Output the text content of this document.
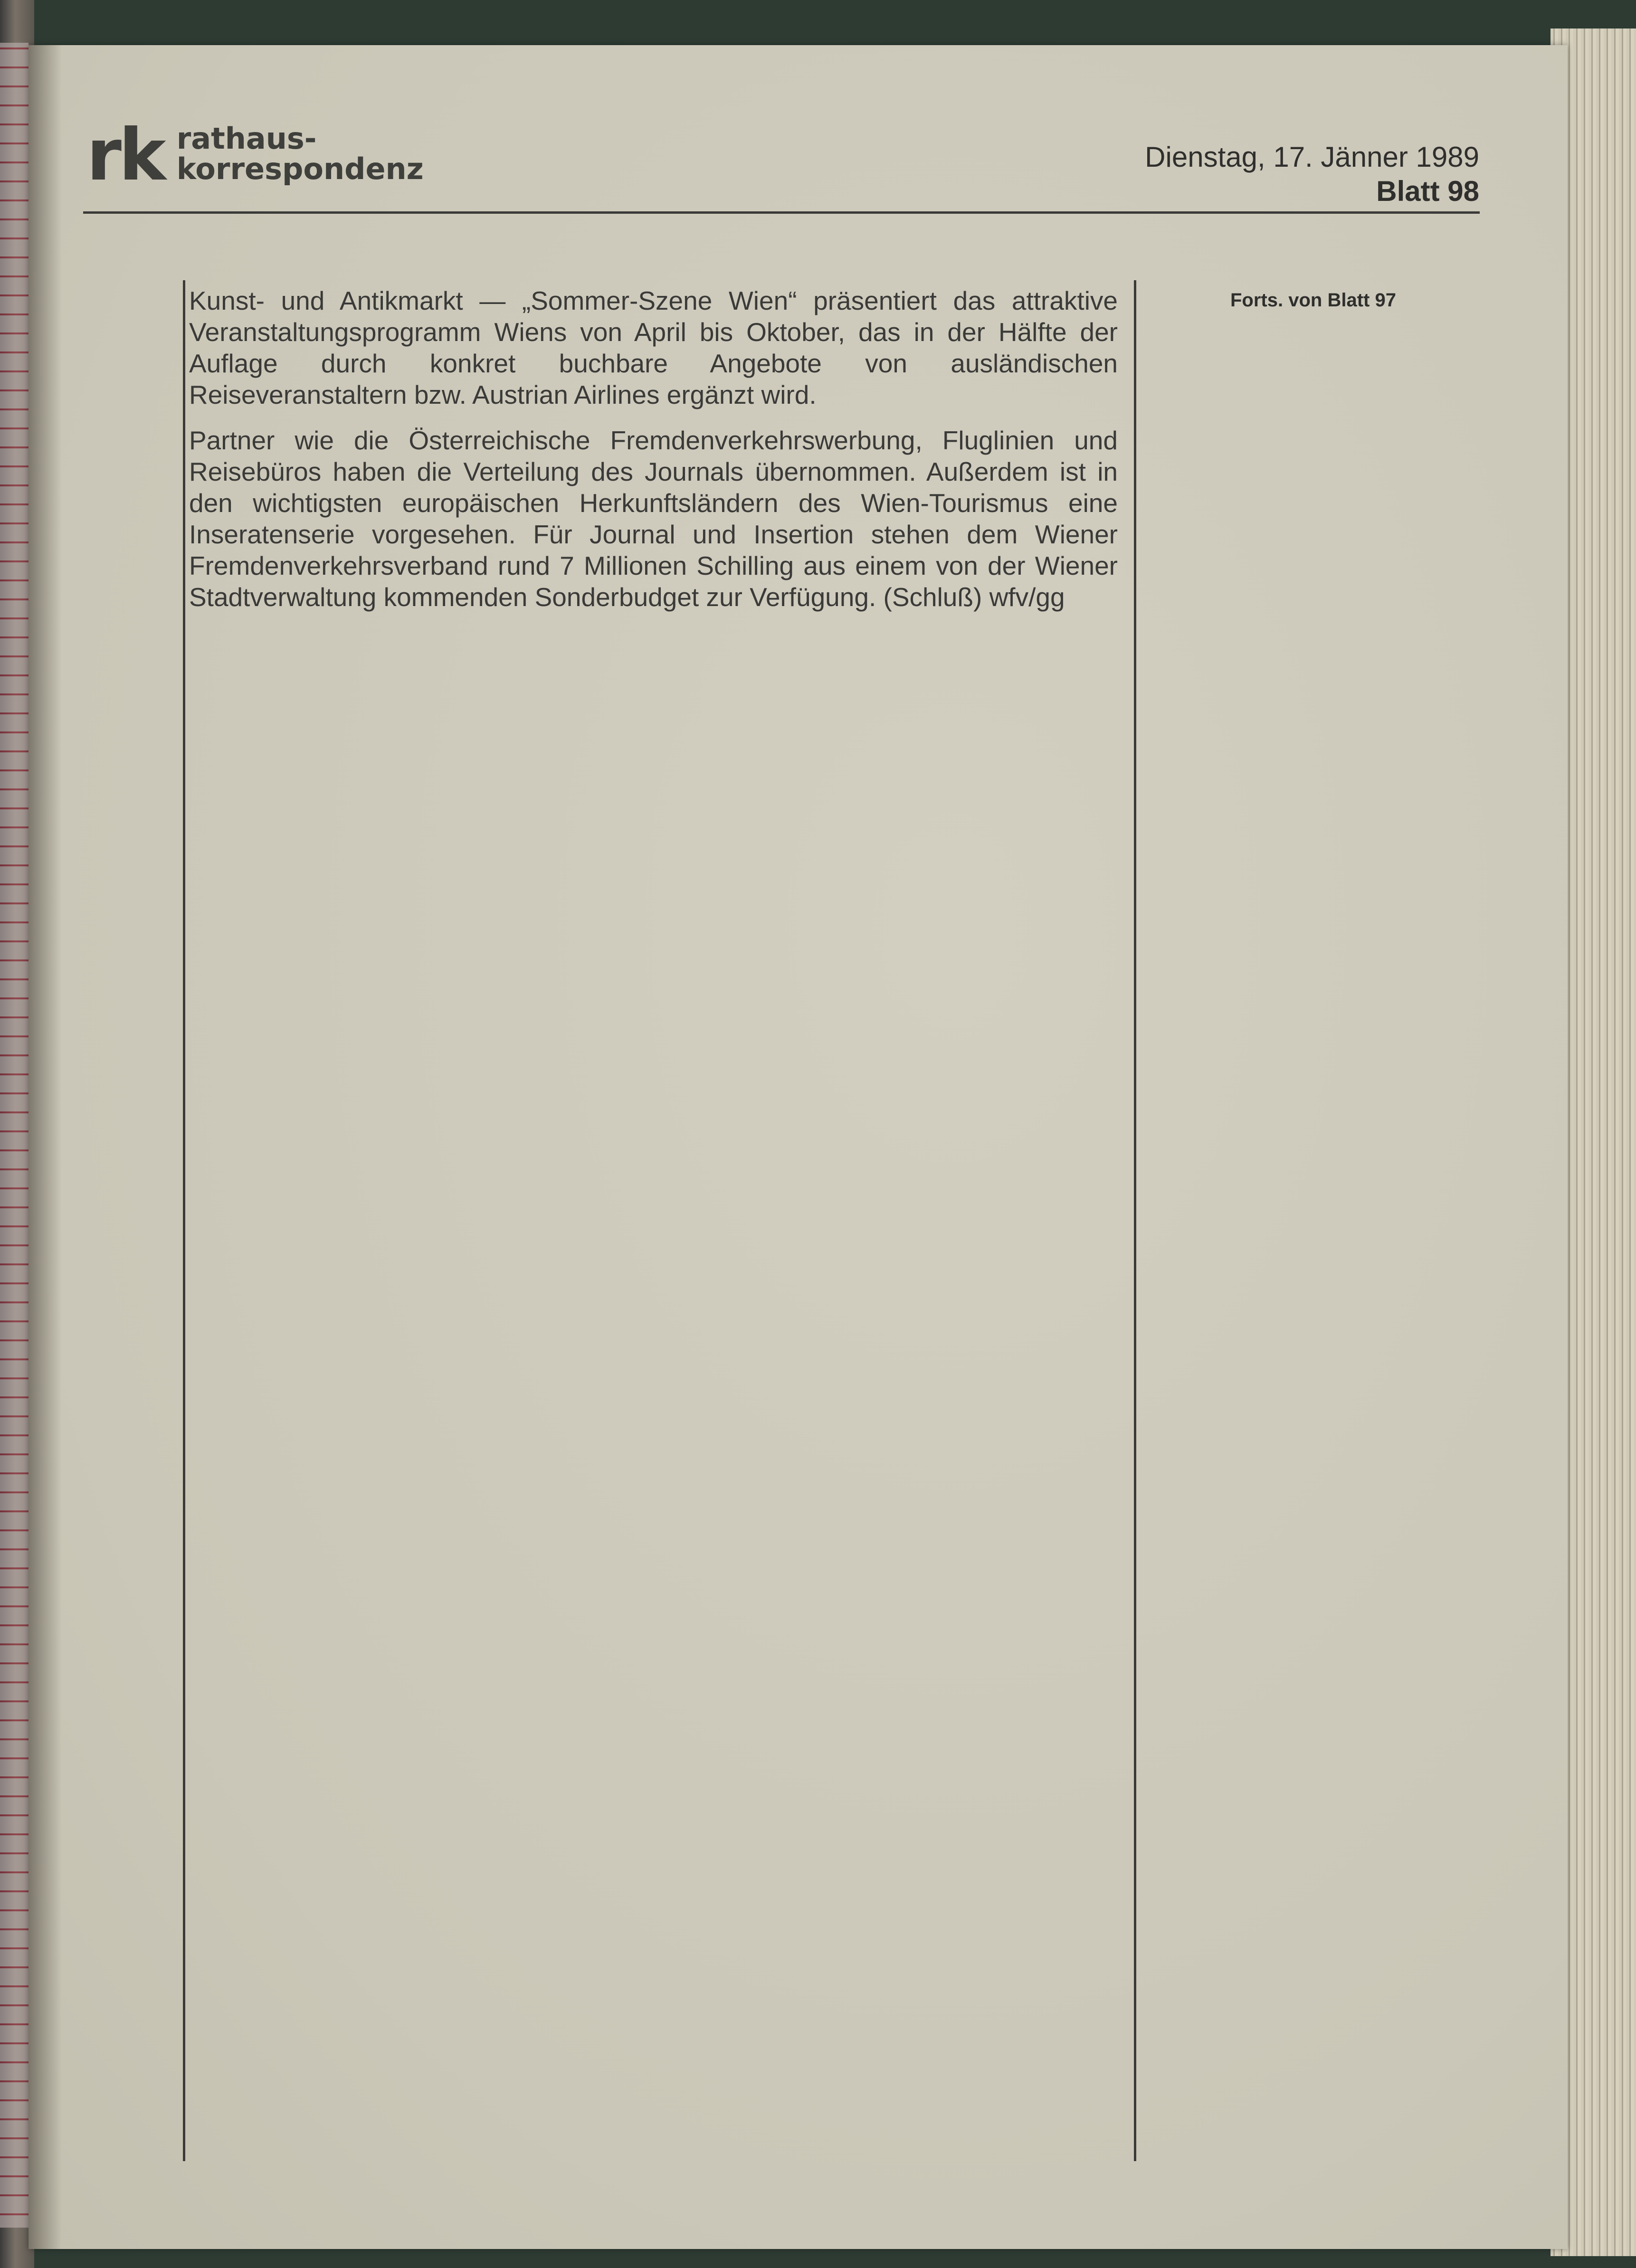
rk rathaus-
korrespondenz	Dienstag, 17. Jänner 1989
Blatt 98

Kunst- und Antikmarkt — „Sommer-Szene Wien“ präsentiert das attraktive Veranstaltungsprogramm Wiens von April bis Oktober, das in der Hälfte der Auflage durch konkret buchbare Angebote von ausländischen Reiseveranstaltern bzw. Austrian Airlines ergänzt wird.

Partner wie die Österreichische Fremdenverkehrswerbung, Fluglinien und Reisebüros haben die Verteilung des Journals übernommen. Außerdem ist in den wichtigsten europäischen Herkunftsländern des Wien-Tourismus eine Inseratenserie vorgesehen. Für Journal und Insertion stehen dem Wiener Fremdenverkehrsverband rund 7 Millionen Schilling aus einem von der Wiener Stadtverwaltung kommenden Sonderbudget zur Verfügung. (Schluß) wfv/gg

Forts. von Blatt 97
